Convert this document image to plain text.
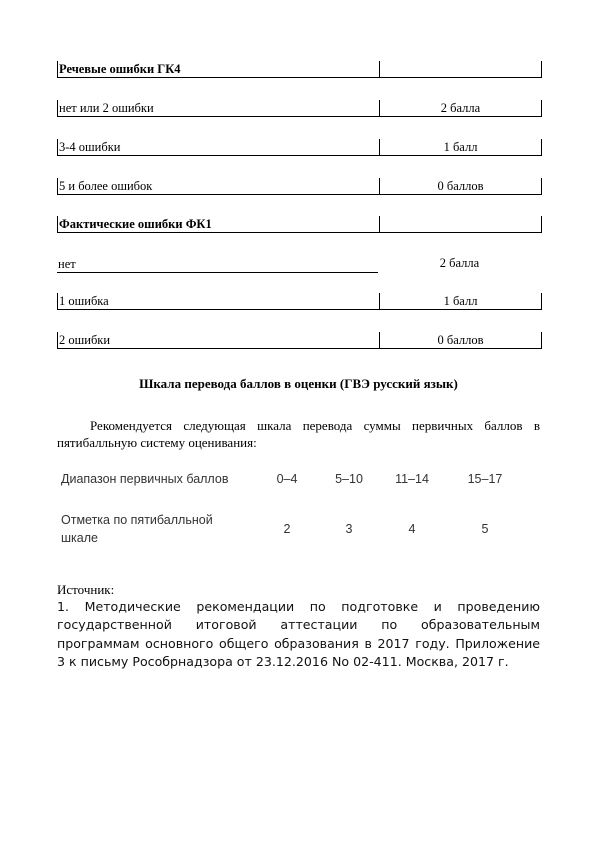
Речевые ошибки ГК4

нет или 2 ошибки	2 балла
3-4 ошибки	1 балл
5 и более ошибок	0 баллов
Фактические ошибки ФК1

нет	2 балла
1 ошибка	1 балл
2 ошибки	0 баллов
Шкала перевода баллов в оценки (ГВЭ русский язык)
Рекомендуется следующая шкала перевода суммы первичных баллов в пятибалльную систему оценивания:
Диапазон первичных баллов	0–4	5–10	11–14	15–17
Отметка по пятибалльной
шкале
2	3	4	5
Источник:
1. Методические рекомендации по подготовке и проведению государственной итоговой аттестации по образовательным программам основного общего образования в 2017 году. Приложение 3 к письму Рособрнадзора от 23.12.2016 No 02-411. Москва, 2017 г.
